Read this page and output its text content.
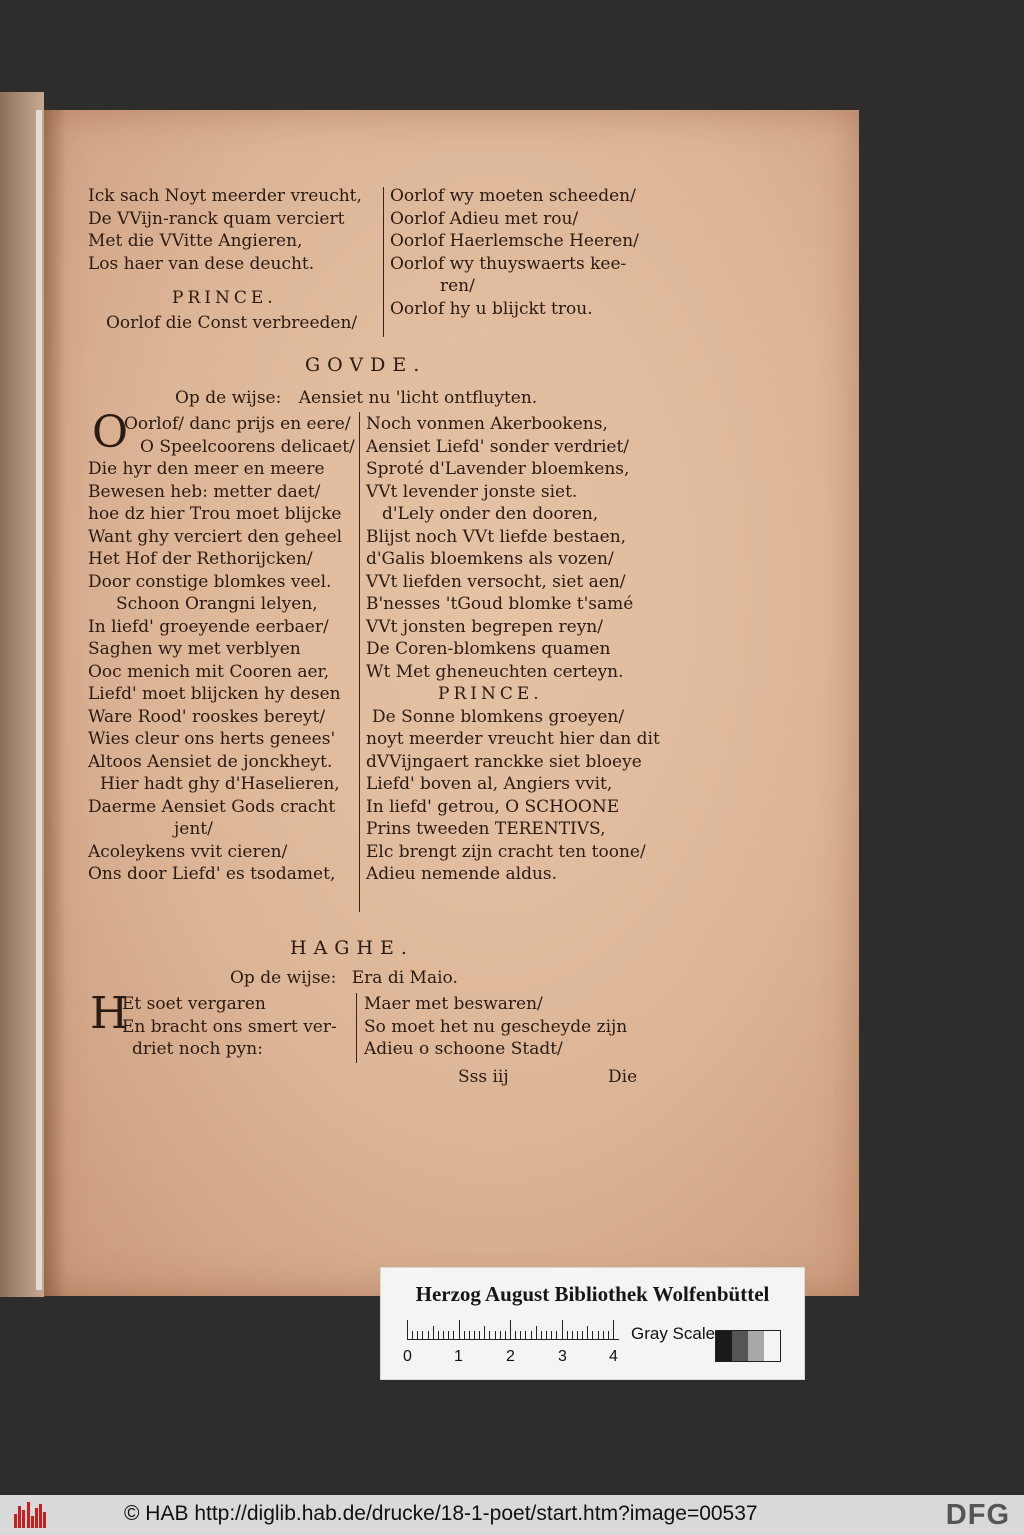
Ick sach Noyt meerder vreucht,
De VVijn-ranck quam verciert
Met die VVitte Angieren,
Los haer van dese deucht.
PRINCE.
Oorlof die Const verbreeden/
Oorlof wy moeten scheeden/
Oorlof Adieu met rou/
Oorlof Haerlemsche Heeren/
Oorlof wy thuyswaerts kee-
ren/
Oorlof hy u blijckt trou.
GOVDE.
Op de wijse: Aensiet nu 'licht ontfluyten.
O
Oorlof/ danc prijs en eere/
O Speelcoorens delicaet/
Die hyr den meer en meere
Bewesen heb: metter daet/
hoe dz hier Trou moet blijcke
Want ghy verciert den geheel
Het Hof der Rethorijcken/
Door constige blomkes veel.
Schoon Orangni lelyen,
In liefd' groeyende eerbaer/
Saghen wy met verblyen
Ooc menich mit Cooren aer,
Liefd' moet blijcken hy desen
Ware Rood' rooskes bereyt/
Wies cleur ons herts genees'
Altoos Aensiet de jonckheyt.
Hier hadt ghy d'Haselieren,
Daerme Aensiet Gods cracht
jent/
Acoleykens vvit cieren/
Ons door Liefd' es tsodamet,
Noch vonmen Akerbookens,
Aensiet Liefd' sonder verdriet/
Sproté d'Lavender bloemkens,
VVt levender jonste siet.
d'Lely onder den dooren,
Blijst noch VVt liefde bestaen,
d'Galis bloemkens als vozen/
VVt liefden versocht, siet aen/
B'nesses 'tGoud blomke t'samé
VVt jonsten begrepen reyn/
De Coren-blomkens quamen
Wt Met gheneuchten certeyn.
PRINCE.
De Sonne blomkens groeyen/
noyt meerder vreucht hier dan dit
dVVijngaert ranckke siet bloeye
Liefd' boven al, Angiers vvit,
In liefd' getrou, O SCHOONE
Prins tweeden TERENTIVS,
Elc brengt zijn cracht ten toone/
Adieu nemende aldus.
HAGHE.
Op de wijse: Era di Maio.
H
Et soet vergaren
En bracht ons smert ver-
driet noch pyn:
Maer met beswaren/
So moet het nu gescheyde zijn
Adieu o schoone Stadt/
Sss iij	Die
Herzog August Bibliothek Wolfenbüttel
0	1	2	3	4
Gray Scale
© HAB http://diglib.hab.de/drucke/18-1-poet/start.htm?image=00537	DFG
